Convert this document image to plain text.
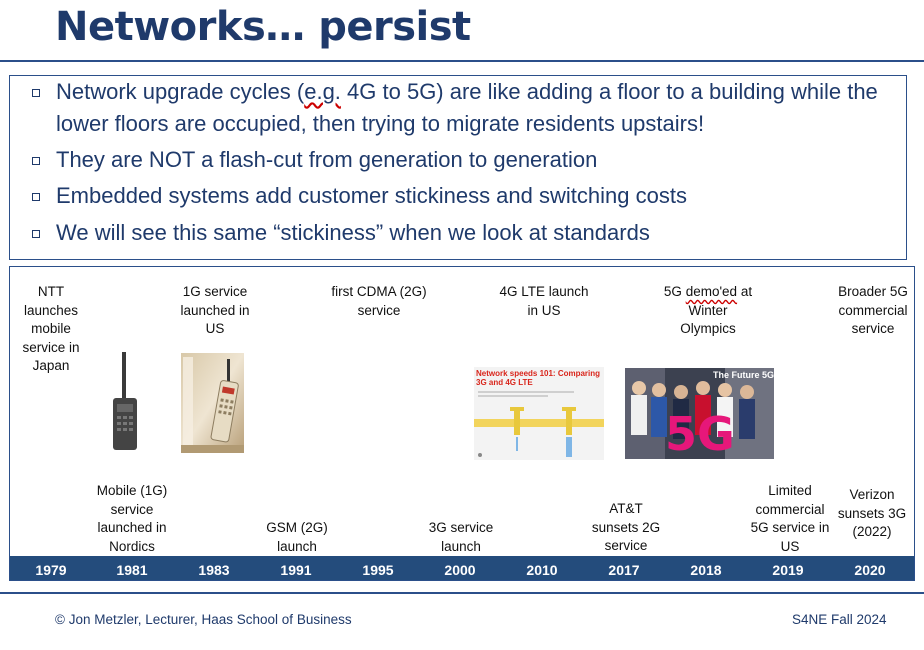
Networks… persist
Network upgrade cycles (e.g. 4G to 5G) are like adding a floor to a building while the lower floors are occupied, then trying to migrate residents upstairs!
They are NOT a flash-cut from generation to generation
Embedded systems add customer stickiness and switching costs
We will see this same “stickiness” when we look at standards
NTT launches mobile service in Japan
1G service launched in US
first CDMA (2G) service
4G LTE launch in US
5G demo'ed at Winter Olympics
Broader 5G commercial service
Mobile (1G) service launched in Nordics
GSM (2G) launch
3G service launch
AT&T sunsets 2G service
Limited commercial 5G service in US
Verizon sunsets 3G (2022)
Network speeds 101: Comparing 3G and 4G LTE
The Future 5G
5G
1979	1981	1983	1991	1995	2000	2010	2017	2018	2019	2020
© Jon Metzler, Lecturer, Haas School of Business	S4NE Fall 2024
